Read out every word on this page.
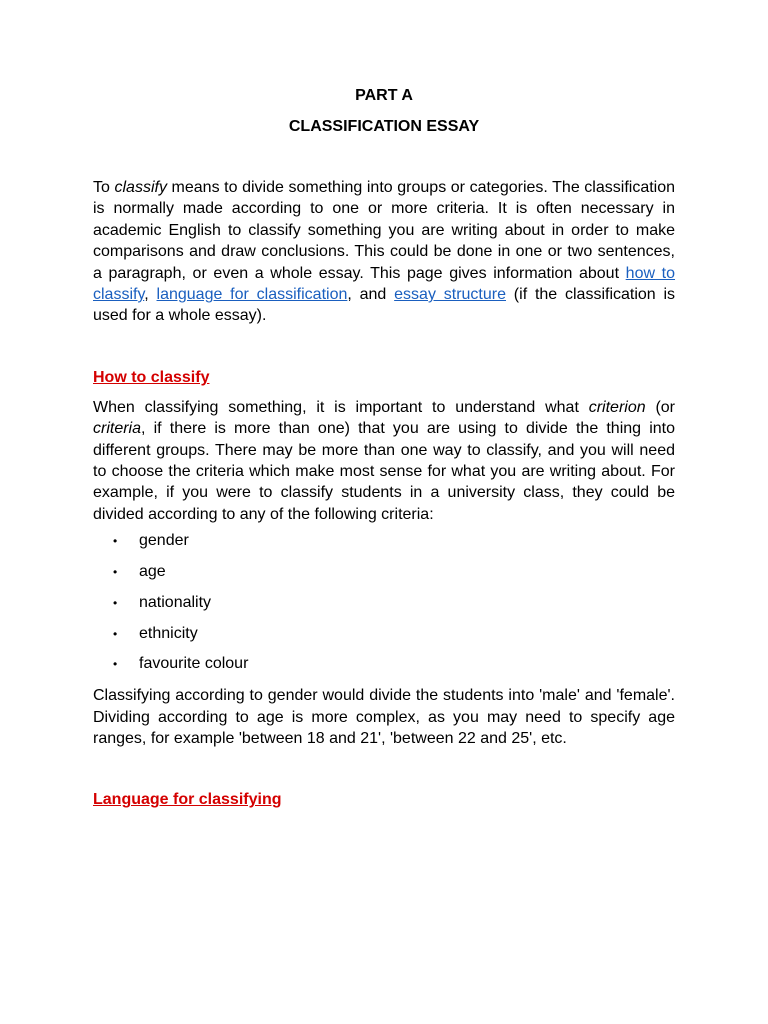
PART A
CLASSIFICATION ESSAY

To classify means to divide something into groups or categories. The classification is normally made according to one or more criteria. It is often necessary in academic English to classify something you are writing about in order to make comparisons and draw conclusions. This could be done in one or two sentences, a paragraph, or even a whole essay. This page gives information about how to classify, language for classification, and essay structure (if the classification is used for a whole essay).

How to classify

When classifying something, it is important to understand what criterion (or criteria, if there is more than one) that you are using to divide the thing into different groups. There may be more than one way to classify, and you will need to choose the criteria which make most sense for what you are writing about. For example, if you were to classify students in a university class, they could be divided according to any of the following criteria:

• gender
• age
• nationality
• ethnicity
• favourite colour

Classifying according to gender would divide the students into 'male' and 'female'. Dividing according to age is more complex, as you may need to specify age ranges, for example 'between 18 and 21', 'between 22 and 25', etc.

Language for classifying
